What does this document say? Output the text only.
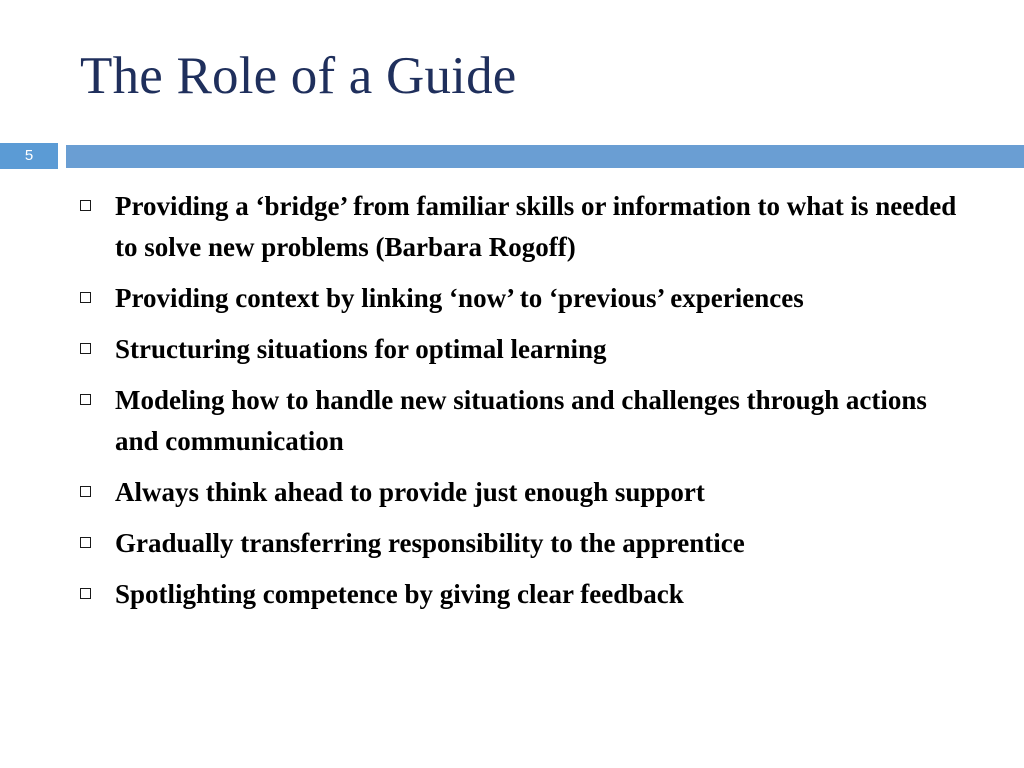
The Role of a Guide
5
Providing a ‘bridge’ from familiar skills or information to what is needed to solve new problems (Barbara Rogoff)
Providing context by linking ‘now’ to ‘previous’ experiences
Structuring situations for optimal learning
Modeling how to handle new situations and challenges through actions and communication
Always think ahead to provide just enough support
Gradually transferring responsibility to the apprentice
Spotlighting competence by giving clear feedback
